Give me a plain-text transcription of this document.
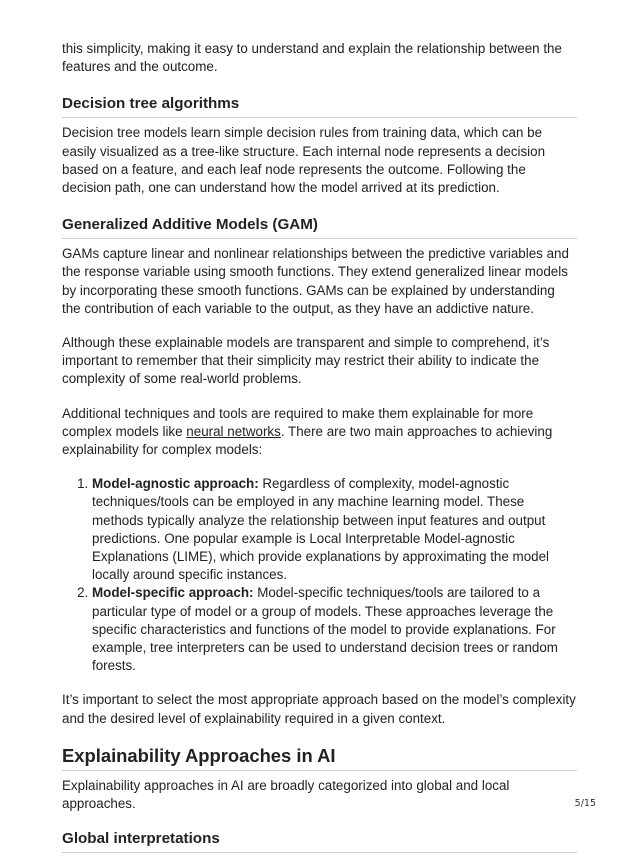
this simplicity, making it easy to understand and explain the relationship between the features and the outcome.

Decision tree algorithms

Decision tree models learn simple decision rules from training data, which can be easily visualized as a tree-like structure. Each internal node represents a decision based on a feature, and each leaf node represents the outcome. Following the decision path, one can understand how the model arrived at its prediction.

Generalized Additive Models (GAM)

GAMs capture linear and nonlinear relationships between the predictive variables and the response variable using smooth functions. They extend generalized linear models by incorporating these smooth functions. GAMs can be explained by understanding the contribution of each variable to the output, as they have an addictive nature.

Although these explainable models are transparent and simple to comprehend, it’s important to remember that their simplicity may restrict their ability to indicate the complexity of some real-world problems.

Additional techniques and tools are required to make them explainable for more complex models like neural networks. There are two main approaches to achieving explainability for complex models:

1. Model-agnostic approach: Regardless of complexity, model-agnostic techniques/tools can be employed in any machine learning model. These methods typically analyze the relationship between input features and output predictions. One popular example is Local Interpretable Model-agnostic Explanations (LIME), which provide explanations by approximating the model locally around specific instances.
2. Model-specific approach: Model-specific techniques/tools are tailored to a particular type of model or a group of models. These approaches leverage the specific characteristics and functions of the model to provide explanations. For example, tree interpreters can be used to understand decision trees or random forests.

It’s important to select the most appropriate approach based on the model’s complexity and the desired level of explainability required in a given context.

Explainability Approaches in AI

Explainability approaches in AI are broadly categorized into global and local approaches.

Global interpretations
5/15
